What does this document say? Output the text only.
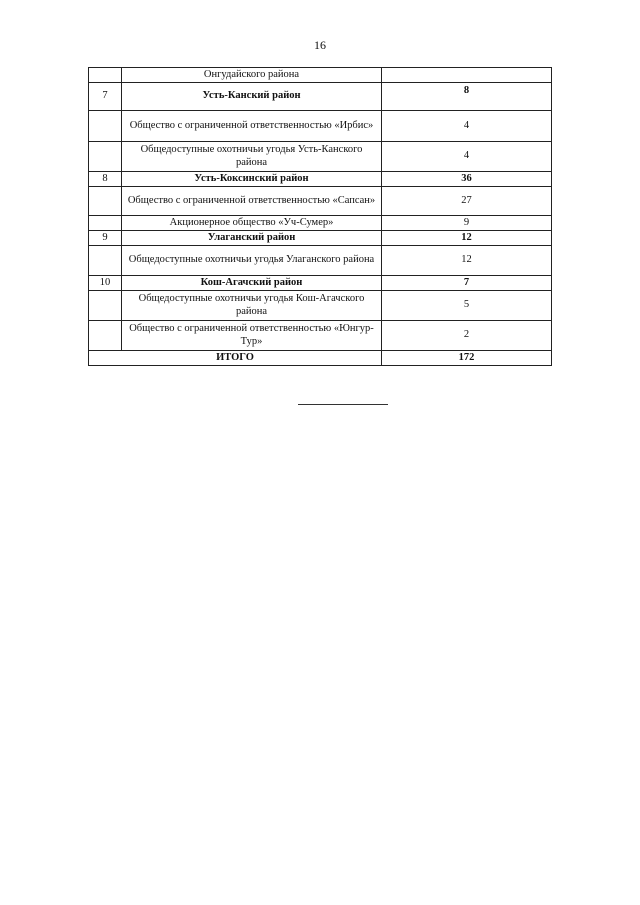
16
	Онгудайского района	
7	Усть-Канский район	8
	Общество с ограниченной ответственностью «Ирбис»	4
	Общедоступные охотничьи угодья Усть-Канского района	4
8	Усть-Коксинский район	36
	Общество с ограниченной ответственностью «Сапсан»	27
	Акционерное общество «Уч-Сумер»	9
9	Улаганский район	12
	Общедоступные охотничьи угодья Улаганского района	12
10	Кош-Агачский район	7
	Общедоступные охотничьи угодья Кош-Агачского района	5
	Общество с ограниченной ответственностью «Юнгур-Тур»	2
ИТОГО		172
